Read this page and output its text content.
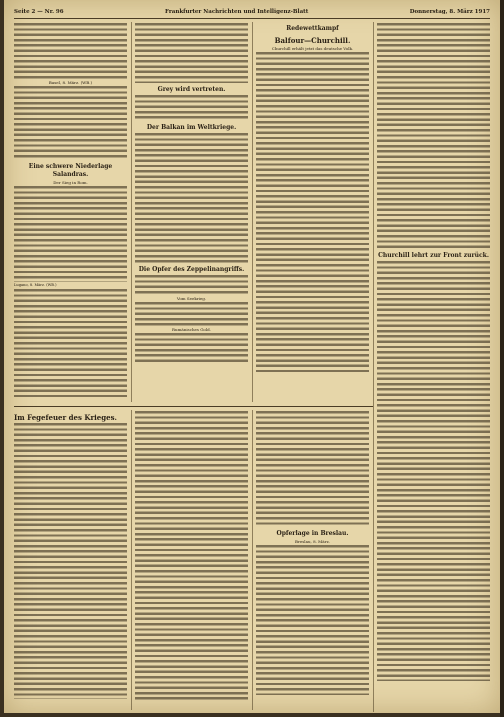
Seite 2 — Nr. 96	Frankfurter Nachrichten und Intelligenz-Blatt	Donnerstag, 8. März 1917
Basel, 8. März. (WB.)
Eine schwere Niederlage Salandras.
Der Sieg in Rom.
Lugano, 8. März. (WB.)
Grey wird vertreten.
Der Balkan im Weltkriege.
Die Opfer des Zeppelinangriffs.
Vom Seekrieg.
Rumänisches Gold.
Redewettkampf
Balfour—Churchill.
Churchill erhält jetzt das deutsche Volk.
Churchill lehrt zur Front zurück.
Im Fegefeuer des Krieges.
Opferlage in Breslau.
Breslau, 8. März.
